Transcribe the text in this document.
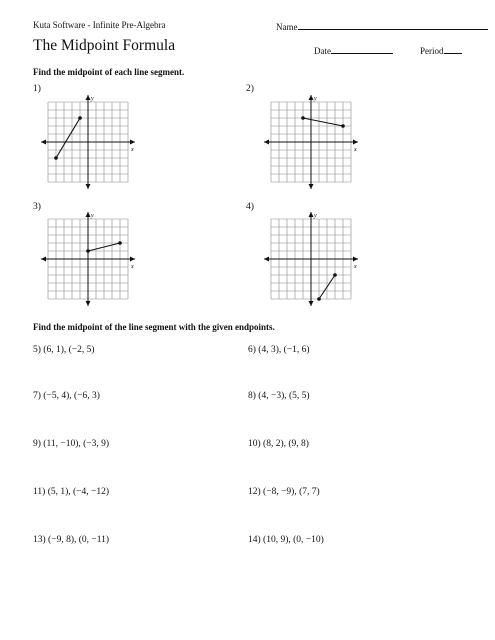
Kuta Software - Infinite Pre-Algebra	Name
The Midpoint Formula	Date	Period
Find the midpoint of each line segment.
1)	2)
3)	4)
x
y
x
y
x
y
x
y
Find the midpoint of the line segment with the given endpoints.
5) (6, 1), (−2, 5)	6) (4, 3), (−1, 6)
7) (−5, 4), (−6, 3)	8) (4, −3), (5, 5)
9) (11, −10), (−3, 9)	10) (8, 2), (9, 8)
11) (5, 1), (−4, −12)	12) (−8, −9), (7, 7)
13) (−9, 8), (0, −11)	14) (10, 9), (0, −10)
